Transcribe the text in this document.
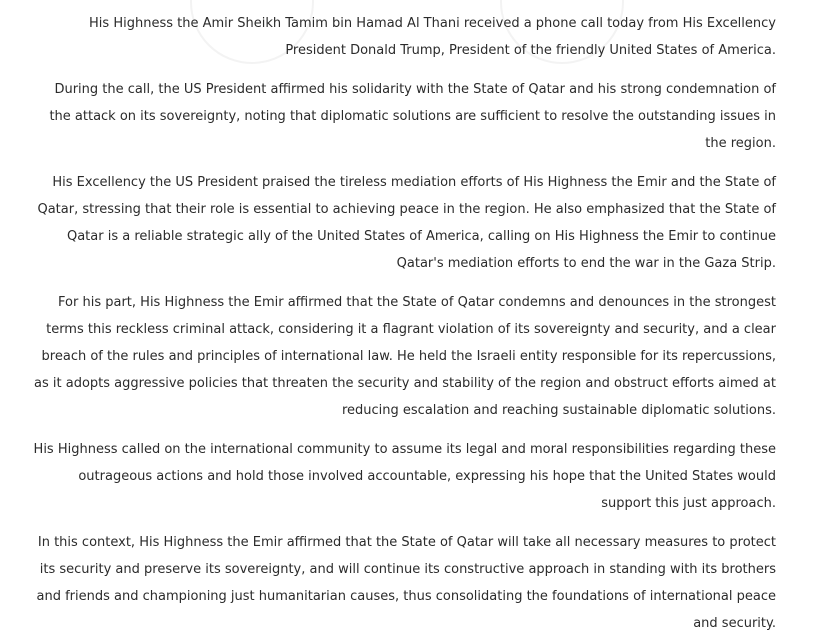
His Highness the Amir Sheikh Tamim bin Hamad Al Thani received a phone call today from His Excellency President Donald Trump, President of the friendly United States of America.

During the call, the US President affirmed his solidarity with the State of Qatar and his strong condemnation of the attack on its sovereignty, noting that diplomatic solutions are sufficient to resolve the outstanding issues in the region.

His Excellency the US President praised the tireless mediation efforts of His Highness the Emir and the State of Qatar, stressing that their role is essential to achieving peace in the region. He also emphasized that the State of Qatar is a reliable strategic ally of the United States of America, calling on His Highness the Emir to continue Qatar's mediation efforts to end the war in the Gaza Strip.

For his part, His Highness the Emir affirmed that the State of Qatar condemns and denounces in the strongest terms this reckless criminal attack, considering it a flagrant violation of its sovereignty and security, and a clear breach of the rules and principles of international law. He held the Israeli entity responsible for its repercussions, as it adopts aggressive policies that threaten the security and stability of the region and obstruct efforts aimed at reducing escalation and reaching sustainable diplomatic solutions.

His Highness called on the international community to assume its legal and moral responsibilities regarding these outrageous actions and hold those involved accountable, expressing his hope that the United States would support this just approach.

In this context, His Highness the Emir affirmed that the State of Qatar will take all necessary measures to protect its security and preserve its sovereignty, and will continue its constructive approach in standing with its brothers and friends and championing just humanitarian causes, thus consolidating the foundations of international peace and security.
